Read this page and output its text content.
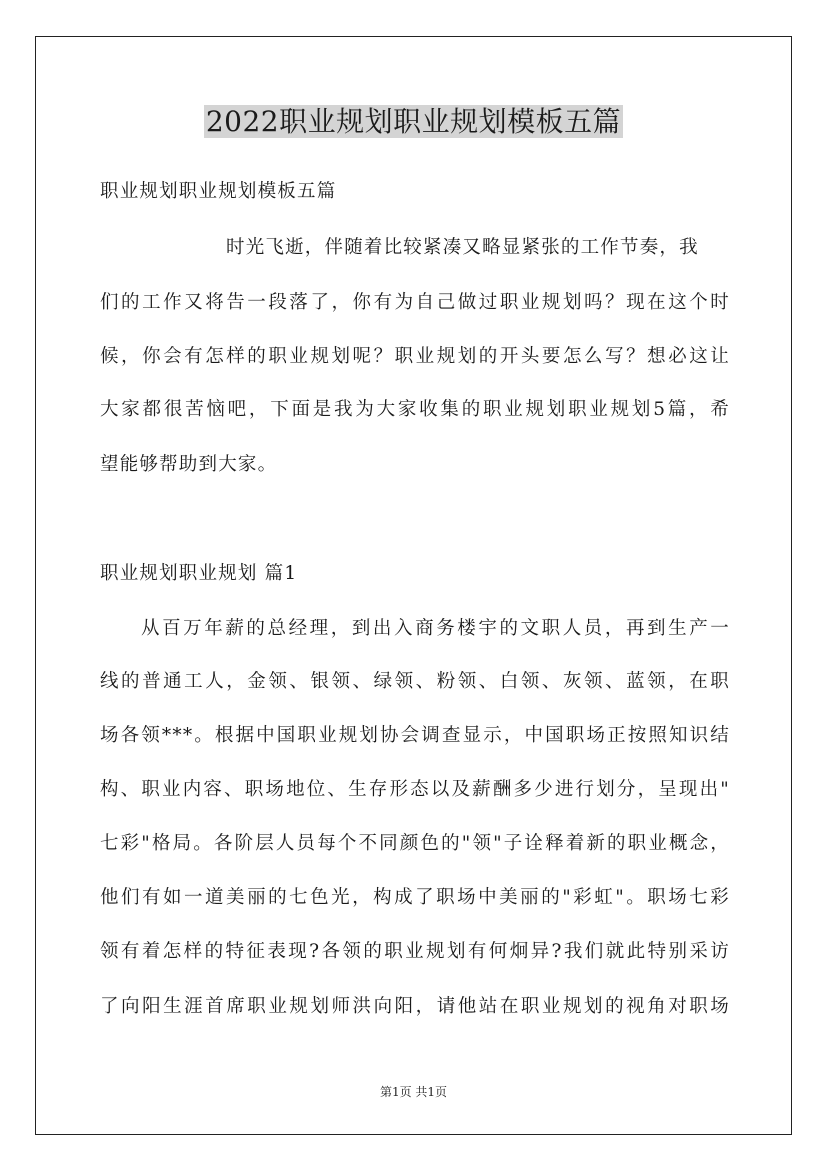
2022职业规划职业规划模板五篇
职业规划职业规划模板五篇
时光飞逝，伴随着比较紧凑又略显紧张的工作节奏，我
们的工作又将告一段落了，你有为自己做过职业规划吗？现在这个时
候，你会有怎样的职业规划呢？职业规划的开头要怎么写？想必这让
大家都很苦恼吧，下面是我为大家收集的职业规划职业规划5篇，希
望能够帮助到大家。
职业规划职业规划 篇1
从百万年薪的总经理，到出入商务楼宇的文职人员，再到生产一
线的普通工人，金领、银领、绿领、粉领、白领、灰领、蓝领，在职
场各领***。根据中国职业规划协会调查显示，中国职场正按照知识结
构、职业内容、职场地位、生存形态以及薪酬多少进行划分，呈现出"
七彩"格局。各阶层人员每个不同颜色的"领"子诠释着新的职业概念，
他们有如一道美丽的七色光，构成了职场中美丽的"彩虹"。职场七彩
领有着怎样的特征表现?各领的职业规划有何炯异?我们就此特别采访
了向阳生涯首席职业规划师洪向阳，请他站在职业规划的视角对职场
第1页 共1页
